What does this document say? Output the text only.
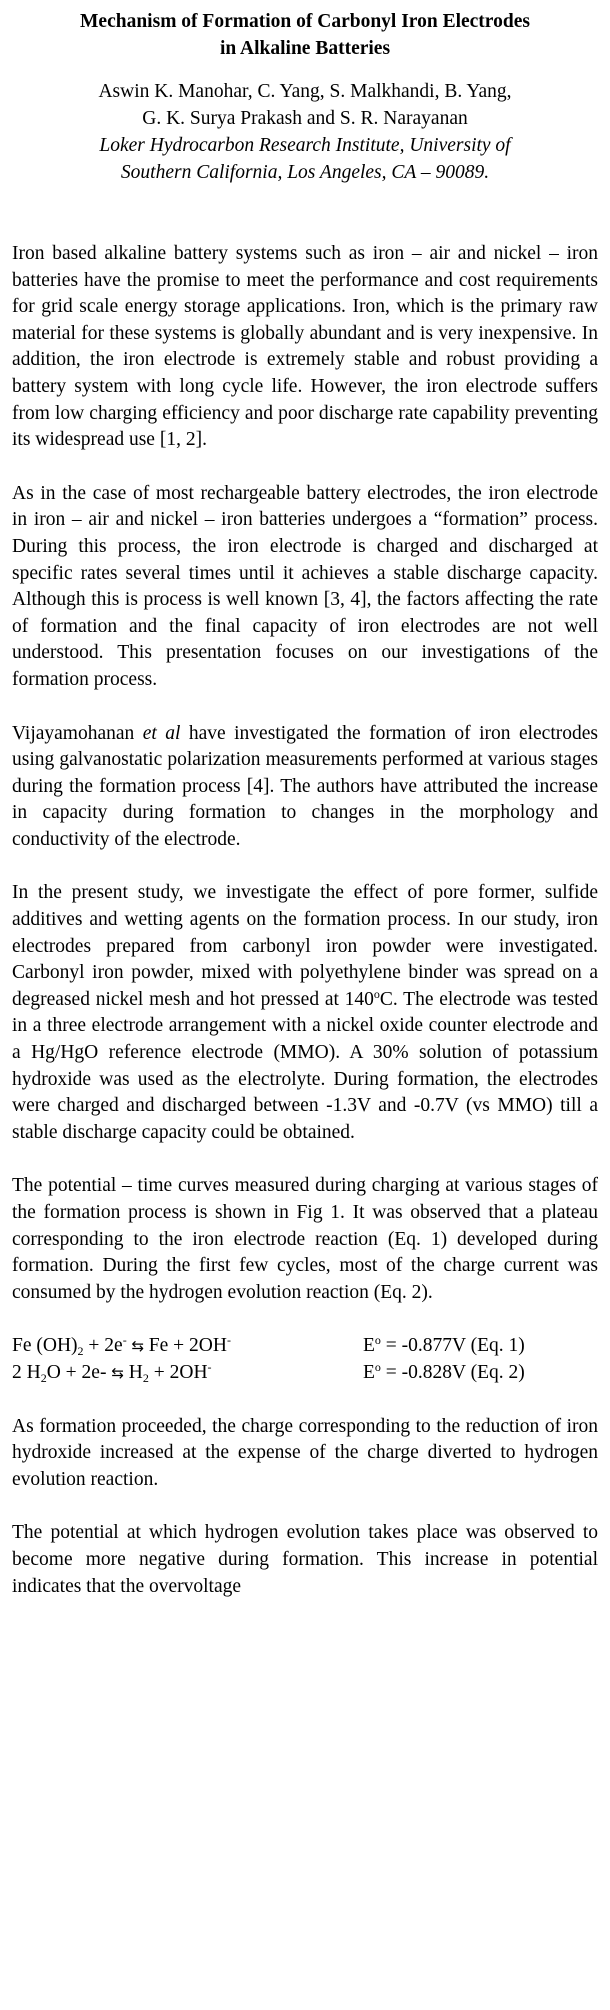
Mechanism of Formation of Carbonyl Iron Electrodes
in Alkaline Batteries
Aswin K. Manohar, C. Yang, S. Malkhandi, B. Yang,
G. K. Surya Prakash and S. R. Narayanan
Loker Hydrocarbon Research Institute, University of
Southern California, Los Angeles, CA – 90089.

Iron based alkaline battery systems such as iron – air and nickel – iron batteries have the promise to meet the performance and cost requirements for grid scale energy storage applications. Iron, which is the primary raw material for these systems is globally abundant and is very inexpensive. In addition, the iron electrode is extremely stable and robust providing a battery system with long cycle life. However, the iron electrode suffers from low charging efficiency and poor discharge rate capability preventing its widespread use [1, 2].

As in the case of most rechargeable battery electrodes, the iron electrode in iron – air and nickel – iron batteries undergoes a “formation” process. During this process, the iron electrode is charged and discharged at specific rates several times until it achieves a stable discharge capacity. Although this is process is well known [3, 4], the factors affecting the rate of formation and the final capacity of iron electrodes are not well understood. This presentation focuses on our investigations of the formation process.

Vijayamohanan et al have investigated the formation of iron electrodes using galvanostatic polarization measurements performed at various stages during the formation process [4]. The authors have attributed the increase in capacity during formation to changes in the morphology and conductivity of the electrode.

In the present study, we investigate the effect of pore former, sulfide additives and wetting agents on the formation process. In our study, iron electrodes prepared from carbonyl iron powder were investigated. Carbonyl iron powder, mixed with polyethylene binder was spread on a degreased nickel mesh and hot pressed at 140$^o$C. The electrode was tested in a three electrode arrangement with a nickel oxide counter electrode and a Hg/HgO reference electrode (MMO). A 30% solution of potassium hydroxide was used as the electrolyte. During formation, the electrodes were charged and discharged between -1.3V and -0.7V (vs MMO) till a stable discharge capacity could be obtained.

The potential – time curves measured during charging at various stages of the formation process is shown in Fig 1. It was observed that a plateau corresponding to the iron electrode reaction (Eq. 1) developed during formation. During the first few cycles, most of the charge current was consumed by the hydrogen evolution reaction (Eq. 2).

Fe $(OH)_2 + 2e^-$ ⇆ Fe + 2OH-	$E^o = -0.877V$ (Eq. 1)
2 $H_2O + 2e-$ ⇆ $H_2 + 2OH^-$	$E^o = -0.828V$ (Eq. 2)

As formation proceeded, the charge corresponding to the reduction of iron hydroxide increased at the expense of the charge diverted to hydrogen evolution reaction.

The potential at which hydrogen evolution takes place was observed to become more negative during formation. This increase in potential indicates that the overvoltage
